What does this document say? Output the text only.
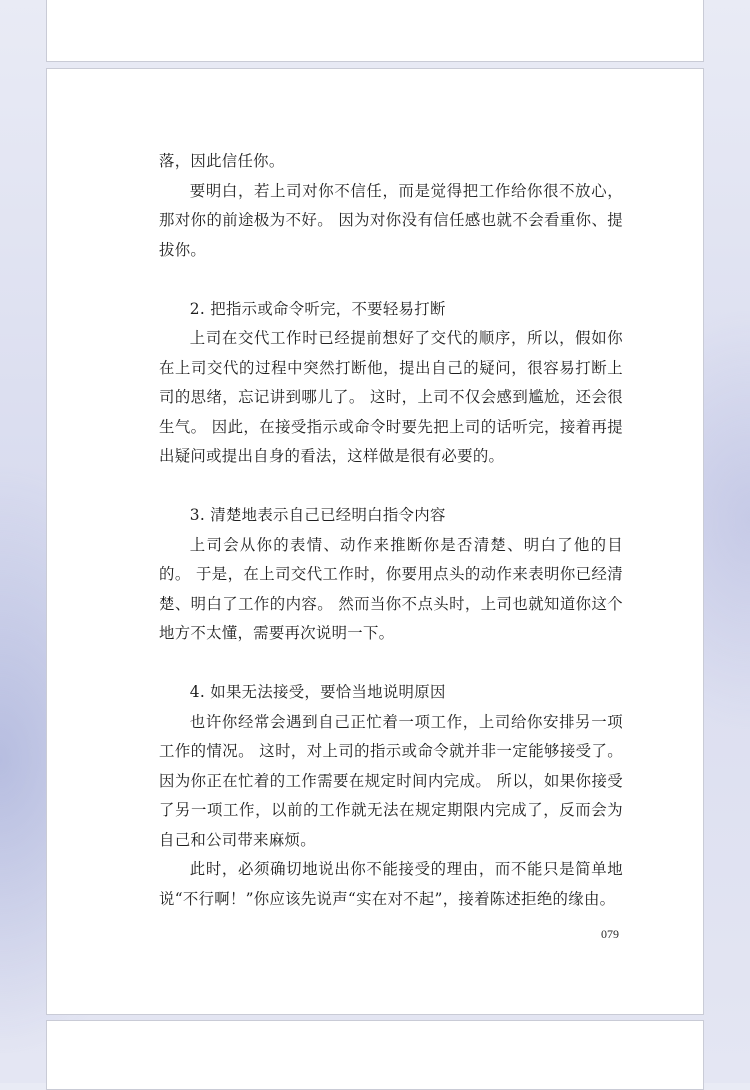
落，因此信任你。

要明白，若上司对你不信任，而是觉得把工作给你很不放心，那对你的前途极为不好。 因为对你没有信任感也就不会看重你、提拔你。

2. 把指示或命令听完，不要轻易打断

上司在交代工作时已经提前想好了交代的顺序，所以，假如你在上司交代的过程中突然打断他，提出自己的疑问，很容易打断上司的思绪，忘记讲到哪儿了。 这时，上司不仅会感到尴尬，还会很生气。 因此，在接受指示或命令时要先把上司的话听完，接着再提出疑问或提出自身的看法，这样做是很有必要的。

3. 清楚地表示自己已经明白指令内容

上司会从你的表情、动作来推断你是否清楚、明白了他的目的。 于是，在上司交代工作时，你要用点头的动作来表明你已经清楚、明白了工作的内容。 然而当你不点头时，上司也就知道你这个地方不太懂，需要再次说明一下。

4. 如果无法接受，要恰当地说明原因

也许你经常会遇到自己正忙着一项工作，上司给你安排另一项工作的情况。 这时，对上司的指示或命令就并非一定能够接受了。 因为你正在忙着的工作需要在规定时间内完成。 所以，如果你接受了另一项工作，以前的工作就无法在规定期限内完成了，反而会为自己和公司带来麻烦。

此时，必须确切地说出你不能接受的理由，而不能只是简单地说“不行啊！”你应该先说声“实在对不起”，接着陈述拒绝的缘由。

079
